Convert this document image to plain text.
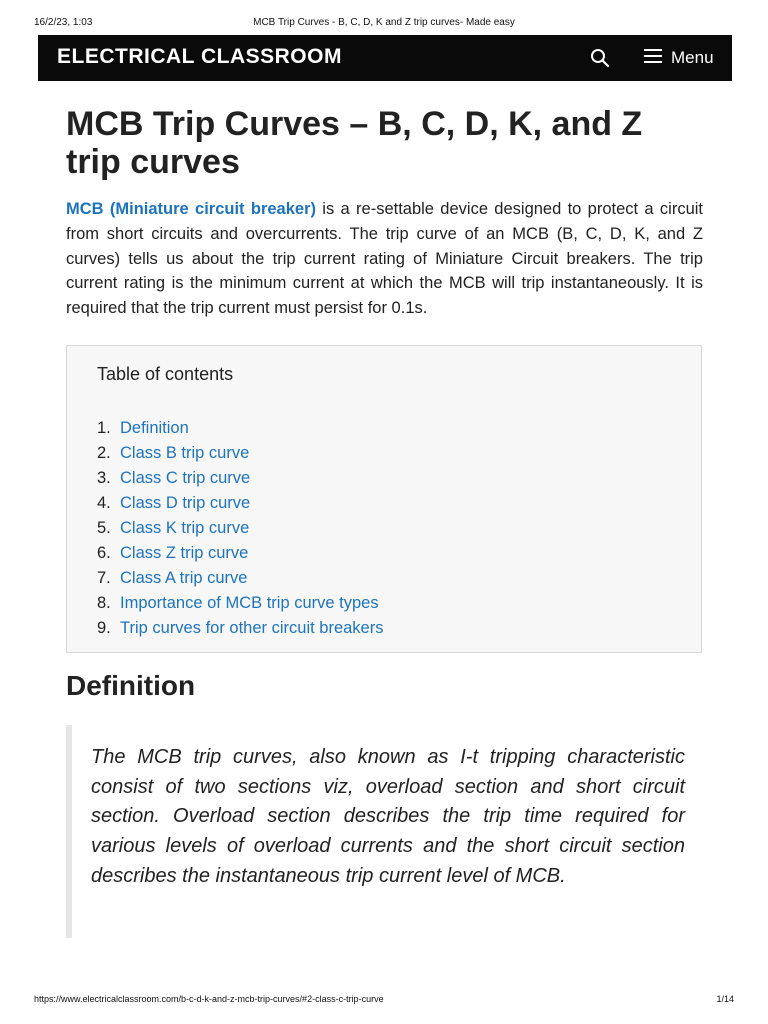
16/2/23, 1:03	MCB Trip Curves - B, C, D, K and Z trip curves- Made easy
ELECTRICAL CLASSROOM	Menu
MCB Trip Curves – B, C, D, K, and Z trip curves

MCB (Miniature circuit breaker) is a re-settable device designed to protect a circuit from short circuits and overcurrents. The trip curve of an MCB (B, C, D, K, and Z curves) tells us about the trip current rating of Miniature Circuit breakers. The trip current rating is the minimum current at which the MCB will trip instantaneously. It is required that the trip current must persist for 0.1s.

Table of contents
1. Definition
2. Class B trip curve
3. Class C trip curve
4. Class D trip curve
5. Class K trip curve
6. Class Z trip curve
7. Class A trip curve
8. Importance of MCB trip curve types
9. Trip curves for other circuit breakers
Definition

The MCB trip curves, also known as I-t tripping characteristic consist of two sections viz, overload section and short circuit section. Overload section describes the trip time required for various levels of overload currents and the short circuit section describes the instantaneous trip current level of MCB.

https://www.electricalclassroom.com/b-c-d-k-and-z-mcb-trip-curves/#2-class-c-trip-curve	1/14
